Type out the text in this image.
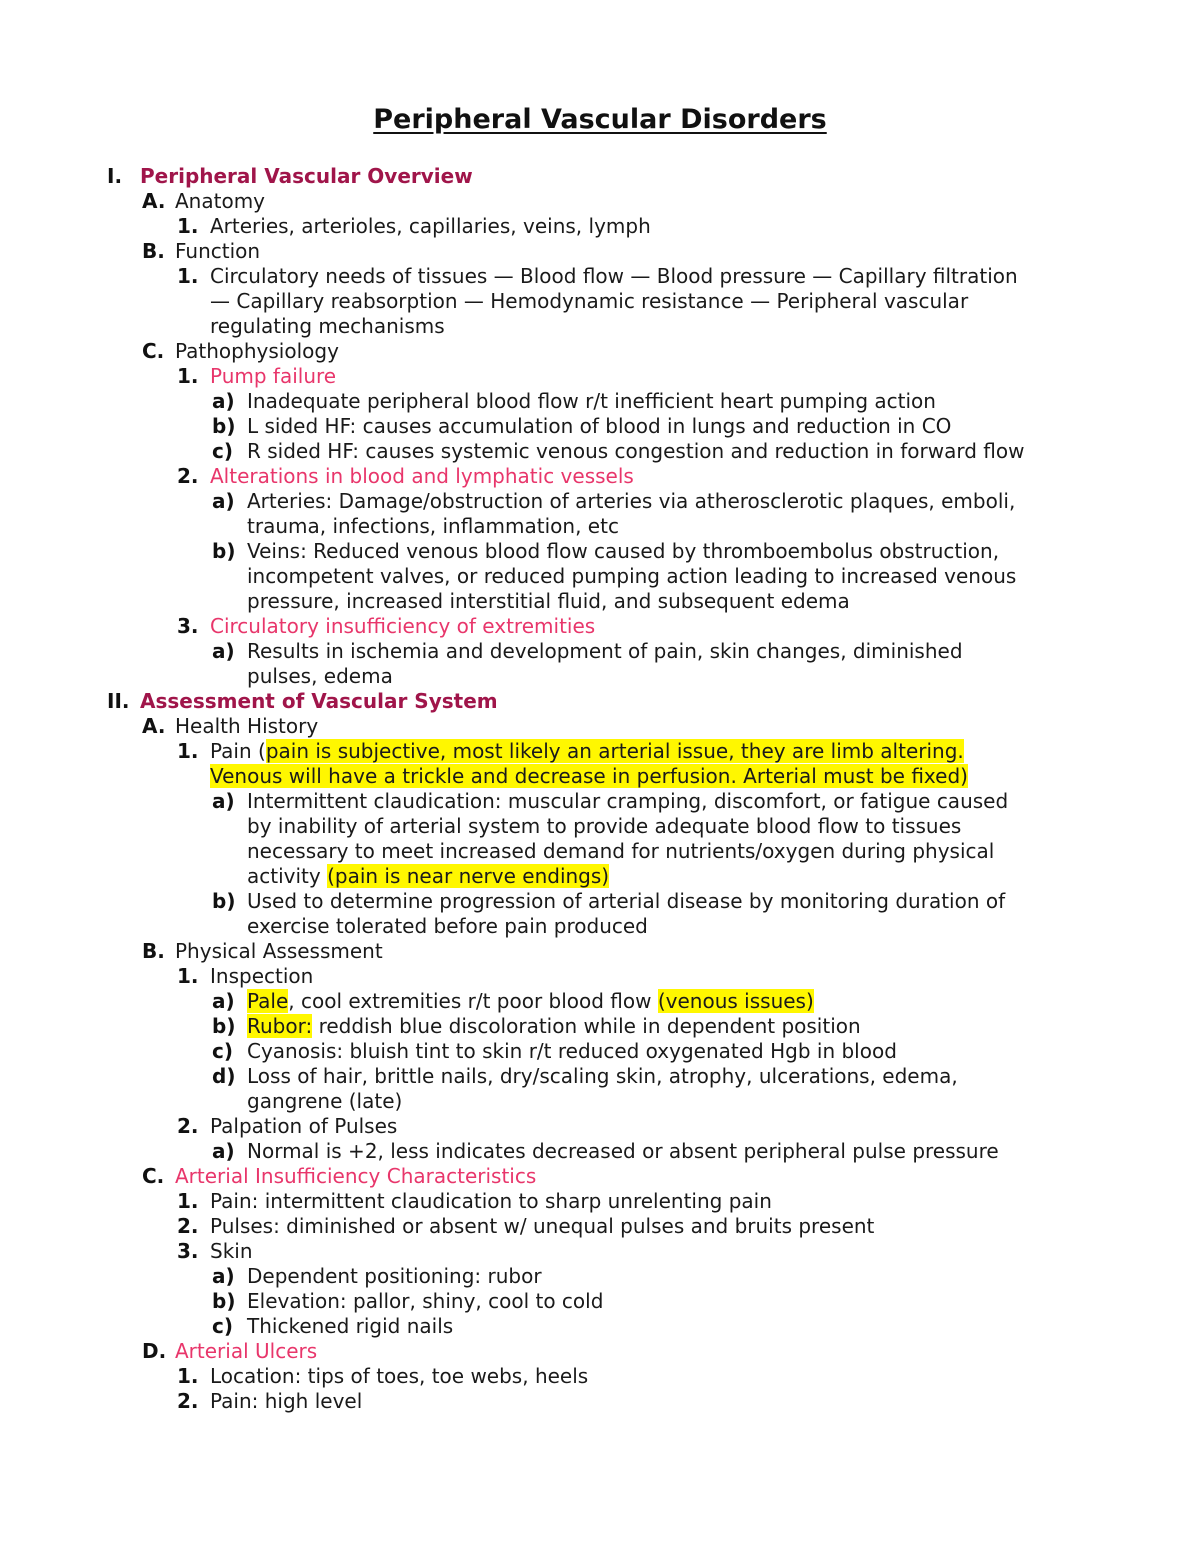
Peripheral Vascular Disorders
I. Peripheral Vascular Overview
A. Anatomy
1. Arteries, arterioles, capillaries, veins, lymph
B. Function
1. Circulatory needs of tissues — Blood flow — Blood pressure — Capillary filtration
— Capillary reabsorption — Hemodynamic resistance — Peripheral vascular
regulating mechanisms
C. Pathophysiology
1. Pump failure
a) Inadequate peripheral blood flow r/t inefficient heart pumping action
b) L sided HF: causes accumulation of blood in lungs and reduction in CO
c) R sided HF: causes systemic venous congestion and reduction in forward flow
2. Alterations in blood and lymphatic vessels
a) Arteries: Damage/obstruction of arteries via atherosclerotic plaques, emboli,
trauma, infections, inflammation, etc
b) Veins: Reduced venous blood flow caused by thromboembolus obstruction,
incompetent valves, or reduced pumping action leading to increased venous
pressure, increased interstitial fluid, and subsequent edema
3. Circulatory insufficiency of extremities
a) Results in ischemia and development of pain, skin changes, diminished
pulses, edema
II. Assessment of Vascular System
A. Health History
1. Pain (pain is subjective, most likely an arterial issue, they are limb altering.
Venous will have a trickle and decrease in perfusion. Arterial must be fixed)
a) Intermittent claudication: muscular cramping, discomfort, or fatigue caused
by inability of arterial system to provide adequate blood flow to tissues
necessary to meet increased demand for nutrients/oxygen during physical
activity (pain is near nerve endings)
b) Used to determine progression of arterial disease by monitoring duration of
exercise tolerated before pain produced
B. Physical Assessment
1. Inspection
a) Pale, cool extremities r/t poor blood flow (venous issues)
b) Rubor: reddish blue discoloration while in dependent position
c) Cyanosis: bluish tint to skin r/t reduced oxygenated Hgb in blood
d) Loss of hair, brittle nails, dry/scaling skin, atrophy, ulcerations, edema,
gangrene (late)
2. Palpation of Pulses
a) Normal is +2, less indicates decreased or absent peripheral pulse pressure
C. Arterial Insufficiency Characteristics
1. Pain: intermittent claudication to sharp unrelenting pain
2. Pulses: diminished or absent w/ unequal pulses and bruits present
3. Skin
a) Dependent positioning: rubor
b) Elevation: pallor, shiny, cool to cold
c) Thickened rigid nails
D. Arterial Ulcers
1. Location: tips of toes, toe webs, heels
2. Pain: high level
